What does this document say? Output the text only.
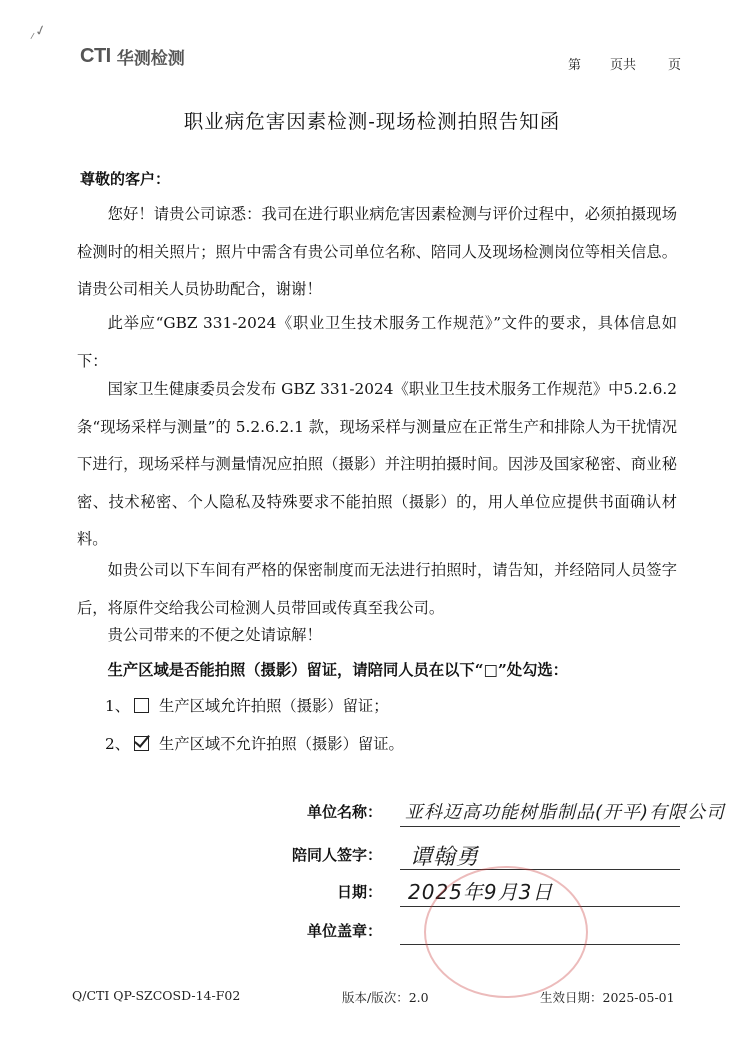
⸝✓
CTI 华测检测	第 页共 页
职业病危害因素检测-现场检测拍照告知函
尊敬的客户：

您好！请贵公司谅悉：我司在进行职业病危害因素检测与评价过程中，必须拍摄现场检测时的相关照片；照片中需含有贵公司单位名称、陪同人及现场检测岗位等相关信息。请贵公司相关人员协助配合，谢谢！

此举应“GBZ 331-2024《职业卫生技术服务工作规范》”文件的要求，具体信息如下：

国家卫生健康委员会发布 GBZ 331-2024《职业卫生技术服务工作规范》中5.2.6.2 条“现场采样与测量”的 5.2.6.2.1 款，现场采样与测量应在正常生产和排除人为干扰情况下进行，现场采样与测量情况应拍照（摄影）并注明拍摄时间。因涉及国家秘密、商业秘密、技术秘密、个人隐私及特殊要求不能拍照（摄影）的，用人单位应提供书面确认材料。

如贵公司以下车间有严格的保密制度而无法进行拍照时，请告知，并经陪同人员签字后，将原件交给我公司检测人员带回或传真至我公司。

贵公司带来的不便之处请谅解！

生产区域是否能拍照（摄影）留证，请陪同人员在以下“□”处勾选：

1、 生产区域允许拍照（摄影）留证；
2、 生产区域不允许拍照（摄影）留证。
单位名称： 亚科迈高功能树脂制品(开平)有限公司
陪同人签字： 谭翰勇
日期： 2025年9月3日
单位盖章：
Q/CTI QP-SZCOSD-14-F02	版本/版次：2.0	生效日期：2025-05-01
